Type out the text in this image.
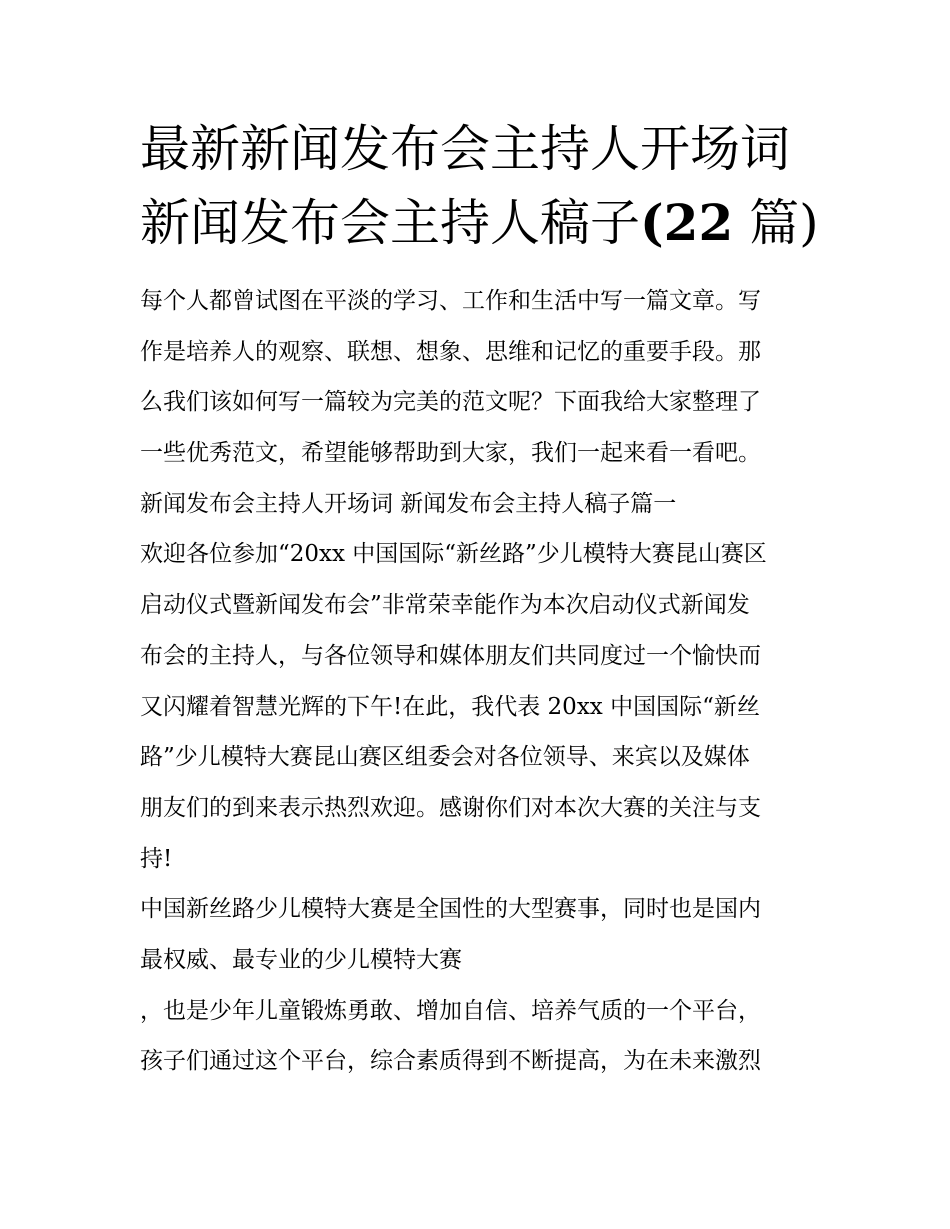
最新新闻发布会主持人开场词
新闻发布会主持人稿子(22 篇)
每个人都曾试图在平淡的学习、工作和生活中写一篇文章。写
作是培养人的观察、联想、想象、思维和记忆的重要手段。那
么我们该如何写一篇较为完美的范文呢？下面我给大家整理了
一些优秀范文，希望能够帮助到大家，我们一起来看一看吧。
新闻发布会主持人开场词 新闻发布会主持人稿子篇一
欢迎各位参加“20xx 中国国际“新丝路”少儿模特大赛昆山赛区
启动仪式暨新闻发布会”非常荣幸能作为本次启动仪式新闻发
布会的主持人，与各位领导和媒体朋友们共同度过一个愉快而
又闪耀着智慧光辉的下午!在此，我代表 20xx 中国国际“新丝
路”少儿模特大赛昆山赛区组委会对各位领导、来宾以及媒体
朋友们的到来表示热烈欢迎。感谢你们对本次大赛的关注与支
持!
中国新丝路少儿模特大赛是全国性的大型赛事，同时也是国内
最权威、最专业的少儿模特大赛
，也是少年儿童锻炼勇敢、增加自信、培养气质的一个平台，
孩子们通过这个平台，综合素质得到不断提高，为在未来激烈
